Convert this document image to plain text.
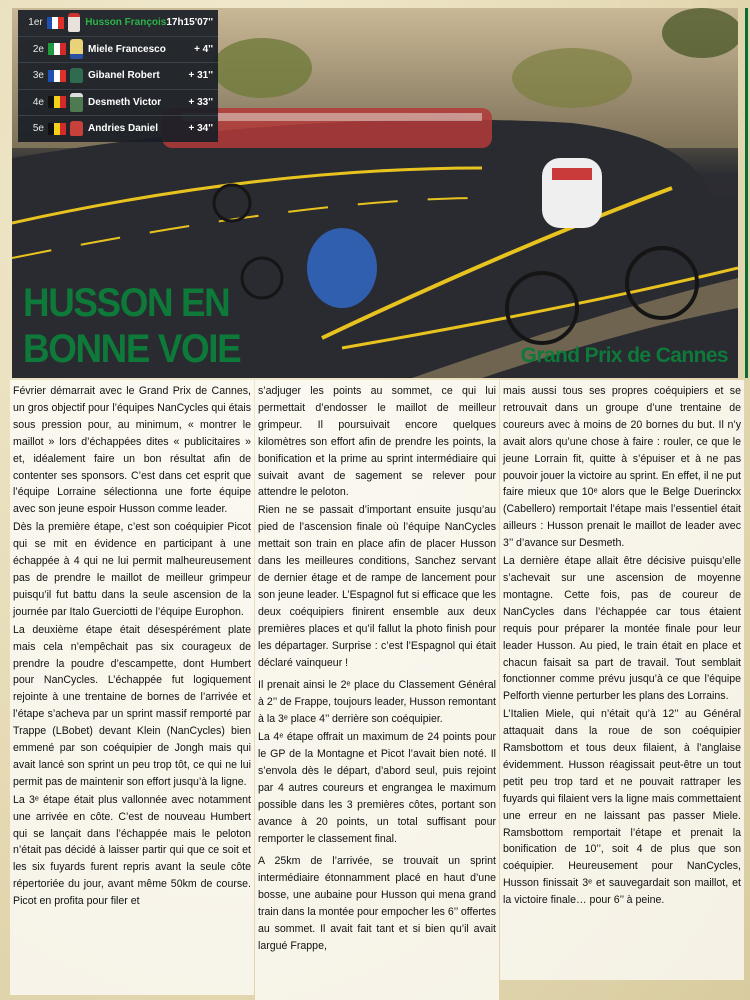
1er	Husson François 17h15'07''
2e	Miele Francesco	+ 4''
3e	Gibanel Robert	+ 31''
4e	Desmeth Victor	+ 33''
5e	Andries Daniel	+ 34''
HUSSON EN
BONNE VOIE	Grand Prix de Cannes

Février démarrait avec le Grand Prix de Cannes, un gros objectif pour l’équipes NanCycles qui étais sous pression pour, au minimum, « montrer le maillot » lors d’échappées dites « publicitaires » et, idéalement faire un bon résultat afin de contenter ses sponsors. C’est dans cet esprit que l’équipe Lorraine sélectionna une forte équipe avec son jeune espoir Husson comme leader.

Dès la première étape, c’est son coéquipier Picot qui se mit en évidence en participant à une échappée à 4 qui ne lui permit malheureusement pas de prendre le maillot de meilleur grimpeur puisqu’il fut battu dans la seule ascension de la journée par Italo Guerciotti de l’équipe Europhon.

La deuxième étape était désespérément plate mais cela n’empêchait pas six courageux de prendre la poudre d’escampette, dont Humbert pour NanCycles. L’échappée fut logiquement rejointe à une trentaine de bornes de l’arrivée et l’étape s’acheva par un sprint massif remporté par Trappe (LBobet) devant Klein (NanCycles) bien emmené par son coéquipier de Jongh mais qui avait lancé son sprint un peu trop tôt, ce qui ne lui permit pas de maintenir son effort jusqu’à la ligne.

La 3ᵉ étape était plus vallonnée avec notamment une arrivée en côte. C’est de nouveau Humbert qui se lançait dans l’échappée mais le peloton n’était pas décidé à laisser partir qui que ce soit et les six fuyards furent repris avant la seule côte répertoriée du jour, avant même 50km de course. Picot en profita pour filer et

s’adjuger les points au sommet, ce qui lui permettait d’endosser le maillot de meilleur grimpeur. Il poursuivait encore quelques kilomètres son effort afin de prendre les points, la bonification et la prime au sprint intermédiaire qui suivait avant de sagement se relever pour attendre le peloton.

Rien ne se passait d’important ensuite jusqu’au pied de l’ascension finale où l’équipe NanCycles mettait son train en place afin de placer Husson dans les meilleures conditions, Sanchez servant de dernier étage et de rampe de lancement pour son jeune leader. L’Espagnol fut si efficace que les deux coéquipiers finirent ensemble aux deux premières places et qu’il fallut la photo finish pour les départager. Surprise : c’est l’Espagnol qui était déclaré vainqueur !

Il prenait ainsi le 2ᵉ place du Classement Général à 2’’ de Frappe, toujours leader, Husson remontant à la 3ᵉ place 4’’ derrière son coéquipier.

La 4ᵉ étape offrait un maximum de 24 points pour le GP de la Montagne et Picot l’avait bien noté. Il s’envola dès le départ, d’abord seul, puis rejoint par 4 autres coureurs et engrangea le maximum possible dans les 3 premières côtes, portant son avance à 20 points, un total suffisant pour remporter le classement final.

A 25km de l’arrivée, se trouvait un sprint intermédiaire étonnamment placé en haut d’une bosse, une aubaine pour Husson qui mena grand train dans la montée pour empocher les 6’’ offertes au sommet. Il avait fait tant et si bien qu’il avait largué Frappe,

mais aussi tous ses propres coéquipiers et se retrouvait dans un groupe d’une trentaine de coureurs avec à moins de 20 bornes du but. Il n’y avait alors qu’une chose à faire : rouler, ce que le jeune Lorrain fit, quitte à s’épuiser et à ne pas pouvoir jouer la victoire au sprint. En effet, il ne put faire mieux que 10ᵉ alors que le Belge Duerinckx (Cabellero) remportait l’étape mais l’essentiel était ailleurs : Husson prenait le maillot de leader avec 3’’ d’avance sur Desmeth.

La dernière étape allait être décisive puisqu’elle s’achevait sur une ascension de moyenne montagne. Cette fois, pas de coureur de NanCycles dans l’échappée car tous étaient requis pour préparer la montée finale pour leur leader Husson. Au pied, le train était en place et chacun faisait sa part de travail. Tout semblait fonctionner comme prévu jusqu’à ce que l’équipe Pelforth vienne perturber les plans des Lorrains.

L’Italien Miele, qui n’était qu’à 12’’ au Général attaquait dans la roue de son coéquipier Ramsbottom et tous deux filaient, à l’anglaise évidemment. Husson réagissait peut-être un tout petit peu trop tard et ne pouvait rattraper les fuyards qui filaient vers la ligne mais commettaient une erreur en ne laissant pas passer Miele. Ramsbottom remportait l’étape et prenait la bonification de 10’’, soit 4 de plus que son coéquipier. Heureusement pour NanCycles, Husson finissait 3ᵉ et sauvegardait son maillot, et la victoire finale… pour 6’’ à peine.
